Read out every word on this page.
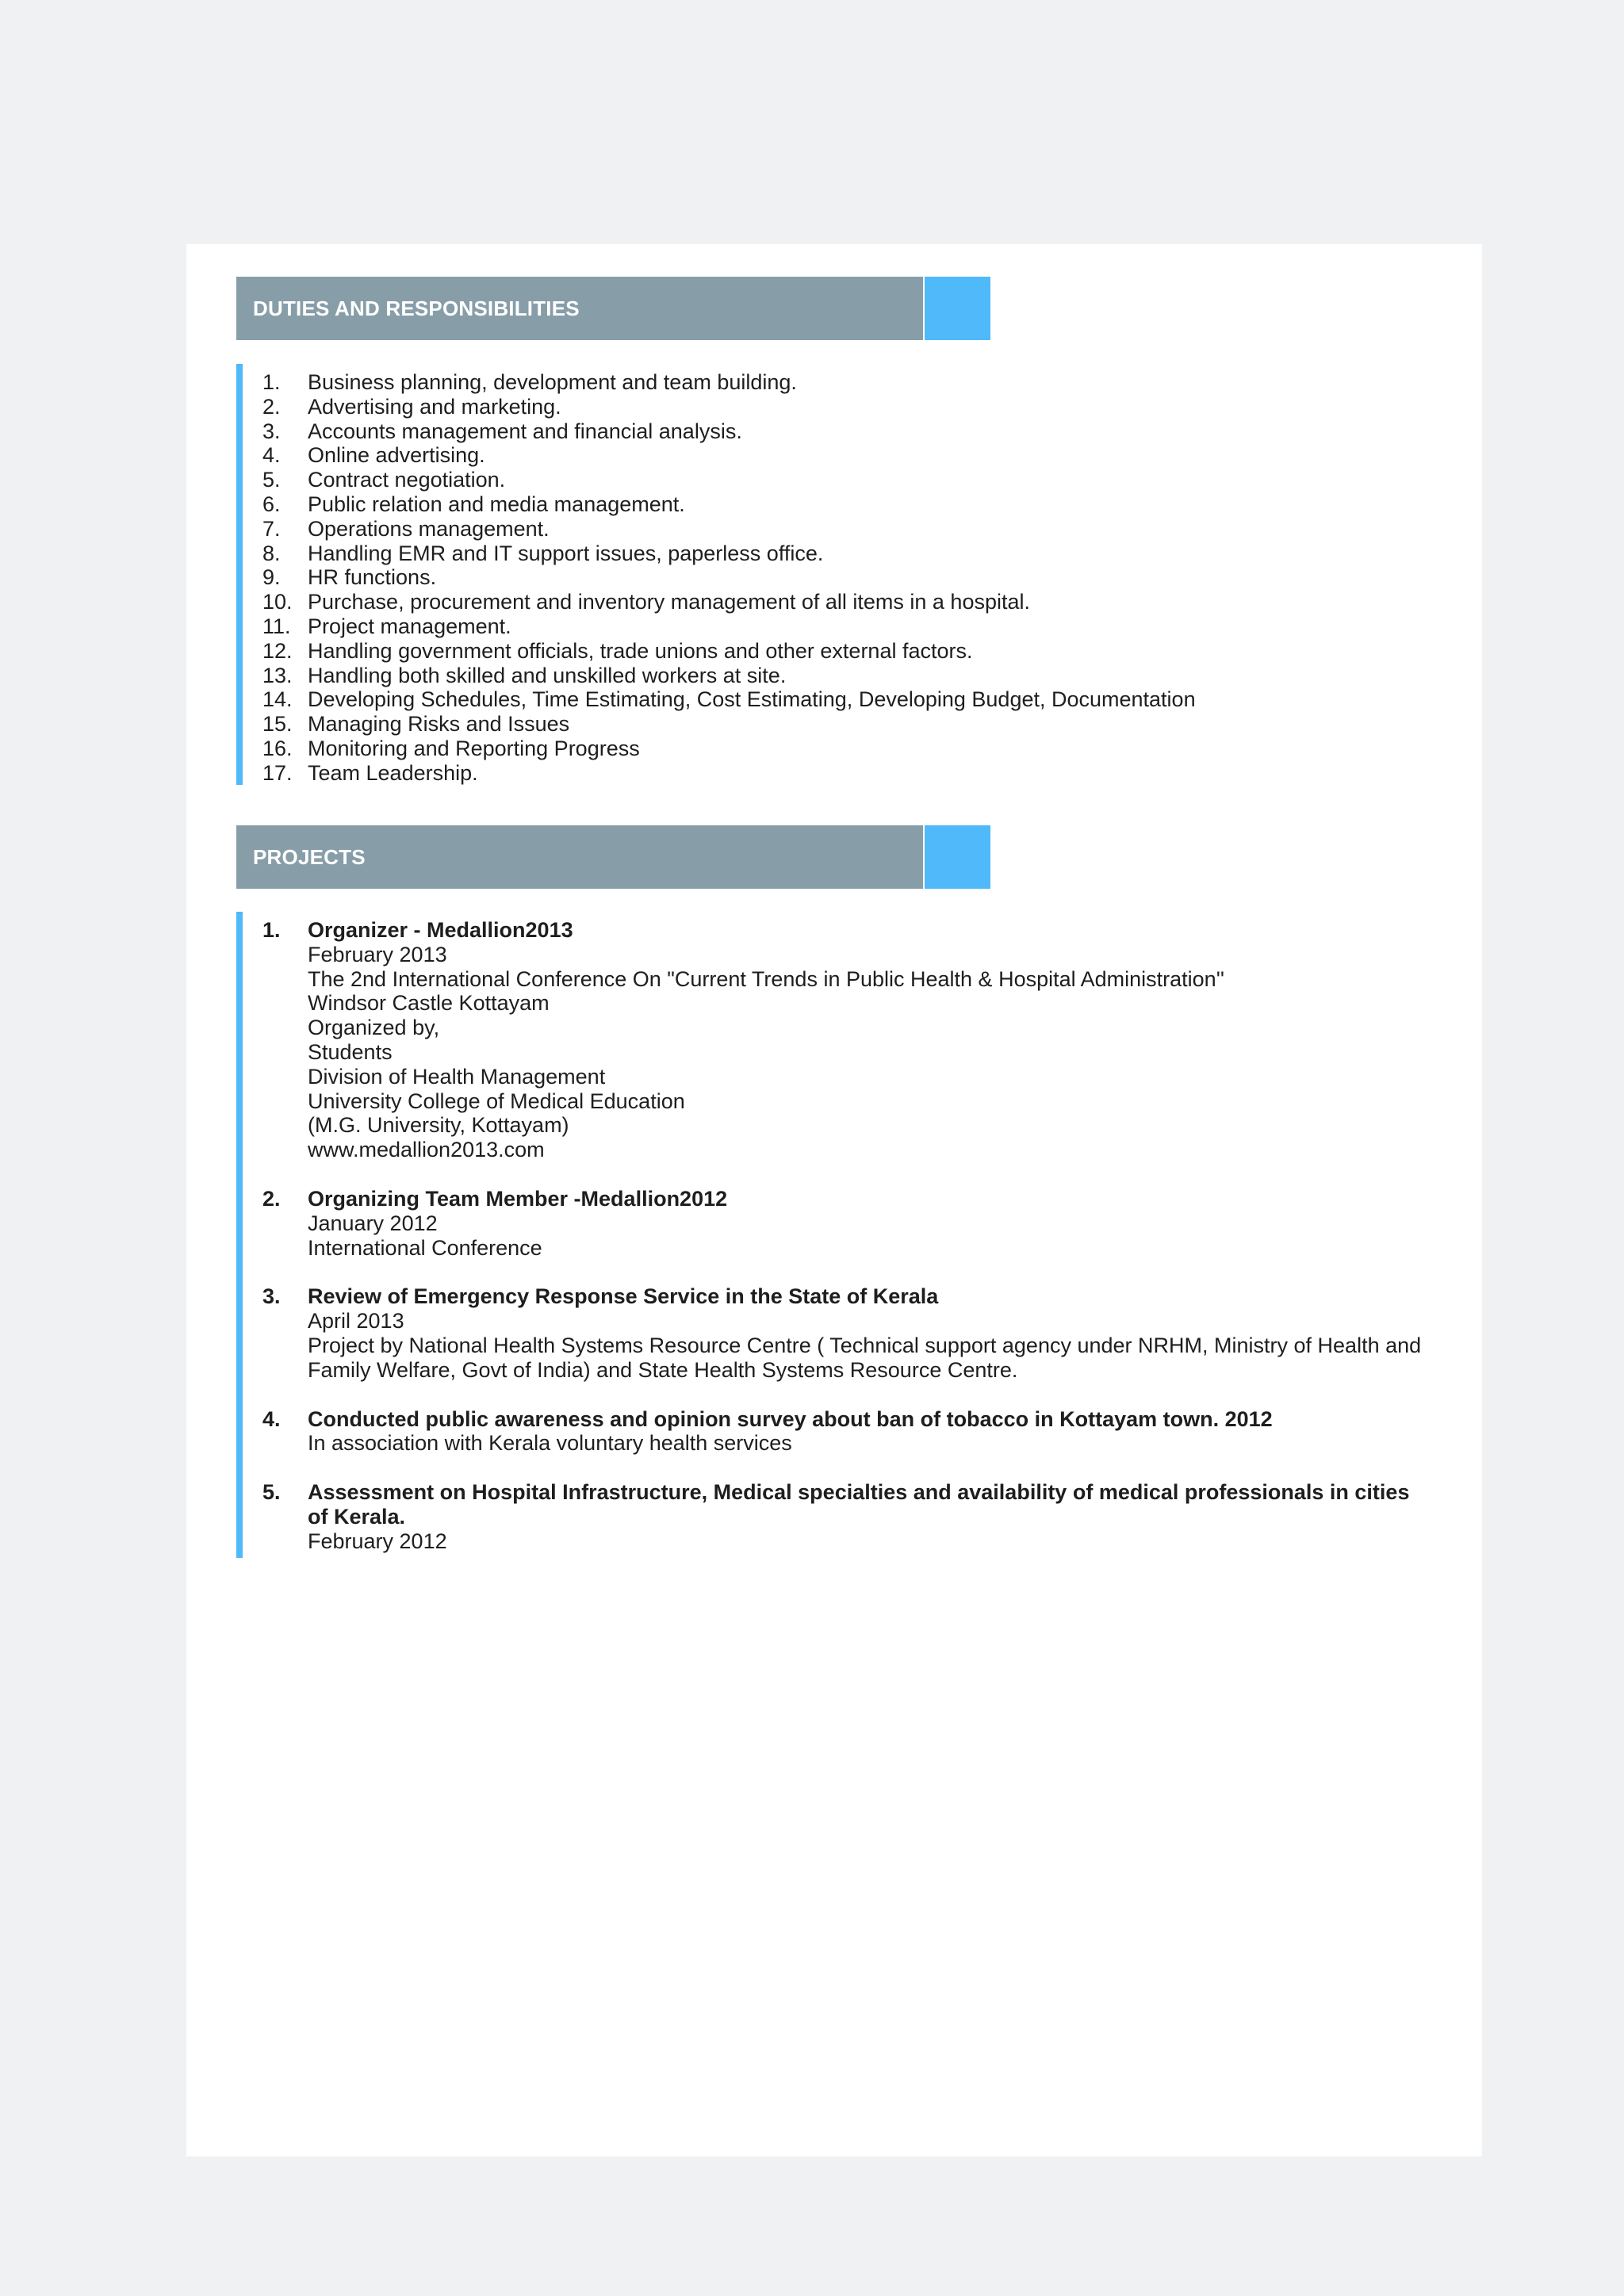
DUTIES AND RESPONSIBILITIES
1.	Business planning, development and team building.
2.	Advertising and marketing.
3.	Accounts management and financial analysis.
4.	Online advertising.
5.	Contract negotiation.
6.	Public relation and media management.
7.	Operations management.
8.	Handling EMR and IT support issues, paperless office.
9.	HR functions.
10. Purchase, procurement and inventory management of all items in a hospital.
11. Project management.
12. Handling government officials, trade unions and other external factors.
13. Handling both skilled and unskilled workers at site.
14. Developing Schedules, Time Estimating, Cost Estimating, Developing Budget, Documentation
15. Managing Risks and Issues
16. Monitoring and Reporting Progress
17. Team Leadership.
PROJECTS
1.	Organizer - Medallion2013
February 2013
The 2nd International Conference On "Current Trends in Public Health & Hospital Administration''
Windsor Castle Kottayam
Organized by,
Students
Division of Health Management
University College of Medical Education
(M.G. University, Kottayam)
www.medallion2013.com
2.	Organizing Team Member -Medallion2012
January 2012
International Conference
3.	Review of Emergency Response Service in the State of Kerala
April 2013
Project by National Health Systems Resource Centre ( Technical support agency under NRHM, Ministry of Health and Family Welfare, Govt of India) and State Health Systems Resource Centre.
4.	Conducted public awareness and opinion survey about ban of tobacco in Kottayam town. 2012
In association with Kerala voluntary health services
5.	Assessment on Hospital Infrastructure, Medical specialties and availability of medical professionals in cities of Kerala.
February 2012
